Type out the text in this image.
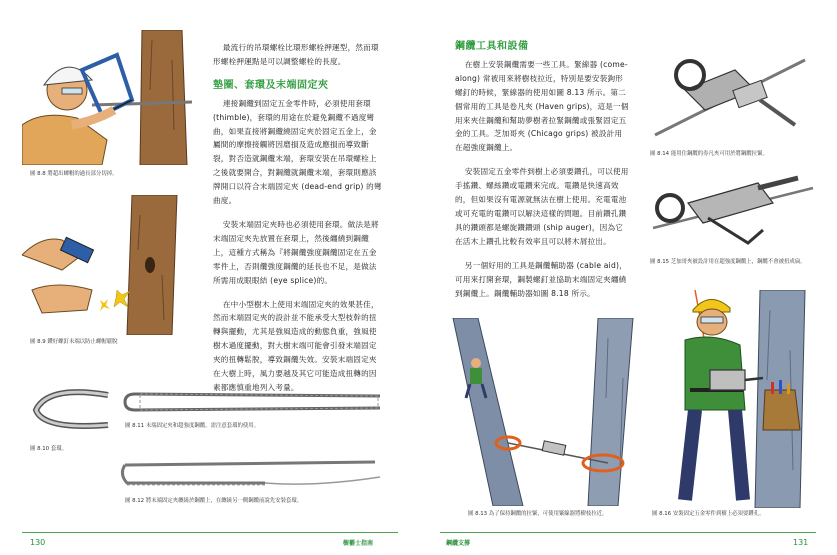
圖 8.8 將超出螺帽的過長部分切掉。
圖 8.9 鑽好螺釘末端以防止螺帽鬆脫

最流行的吊環螺栓比環形螺栓押運型，然而環形螺栓押運點是可以調整螺栓的長度。

墊圈、套環及末端固定夾

連接鋼纜到固定五金零件時，必須使用套環(thimble)，套環的用途在於避免鋼纜不過度彎曲，如果直接將鋼纜繞固定夾於固定五金上，金屬間的摩擦接觸將因磨損及造成應損而導致斷裂，對否造就鋼纜末端，套環安裝在吊環螺栓上之後就要開合，對鋼纜就鋼纜末端，套環則應該牌開口以符合末端固定夾 (dead-end grip) 的彎曲度。

安裝末端固定夾時也必須使用套環。做法是將末端固定夾先放置在套環上，然後纏繞到鋼纜上，這種方式稱為『將鋼纜強度鋼纜固定在五金零件上，否則纜強度鋼纜的延長也不足，是做法所需用成眼眼結 (eye splice)的。

在中小型樹木上使用末端固定夾的效果甚佳，然而末端固定夾的設計並不能承受大型枝幹的扭轉與擺動，尤其是強風造成的動態負重，強風使樹木過度擺動，對大樹末端可能會引發末端固定夾的扭轉鬆脫，導致鋼纜失效。安裝末端固定夾在大樹上時，風力要越及其它可能造成扭轉的因素都應慎重地列入考量。

圖 8.10 套環。
圖 8.11 末端固定夾和超強度鋼纜，需注意套環的使用。
圖 8.12 將末端固定夾纏繞於鋼纜上，在纏繞另一側鋼纜前說先安裝套環。
130	樹藝士指南
鋼纜工具和設備

在樹上安裝鋼纜需要一些工具。緊線器 (come-along) 常被用來將樹枝拉近，特別是要安裝鉤形螺釘的時候，緊線器的使用如圖 8.13 所示。第二個常用的工具是卷凡夾 (Haven grips)，這是一個用來夾住鋼纜和幫助夢樹者拉緊鋼纜或張緊固定五金的工具。芝加哥夾 (Chicago grips) 被設計用在超強度鋼纜上。

安裝固定五金零件到樹上必須要鑽孔，可以使用手搖鑽、螺絲鑽或電鑽來完成。電鑽是快速高效的，但如果沒有電源就無法在樹上使用。充電電池或可充電的電鑽可以解決這樣的問題。目前鑽孔鑽具的鑽頭都是螺旋鑽鑽頭 (ship auger)，因為它在活木上鑽孔比較有效率且可以將木屑拉出。

另一個好用的工具是鋼纜輔助器 (cable aid)，可用來打開套環，鋼製螺釘並協助末端固定夾纏繞到鋼纜上。鋼纜輔助器如圖 8.18 所示。

圖 8.14 能用住鋼纜的券凡夾可用於將鋼纜拉緊。
圖 8.15 芝加哥夾被設計用在超強度鋼纜上，鋼纜不會被扭成扁。
圖 8.13 為了保持鋼纜的拉緊，可使用緊線器將樹枝拉近。	圖 8.16 安裝固定五金零件到樹上必須要鑽孔。
鋼纜支撐	131
